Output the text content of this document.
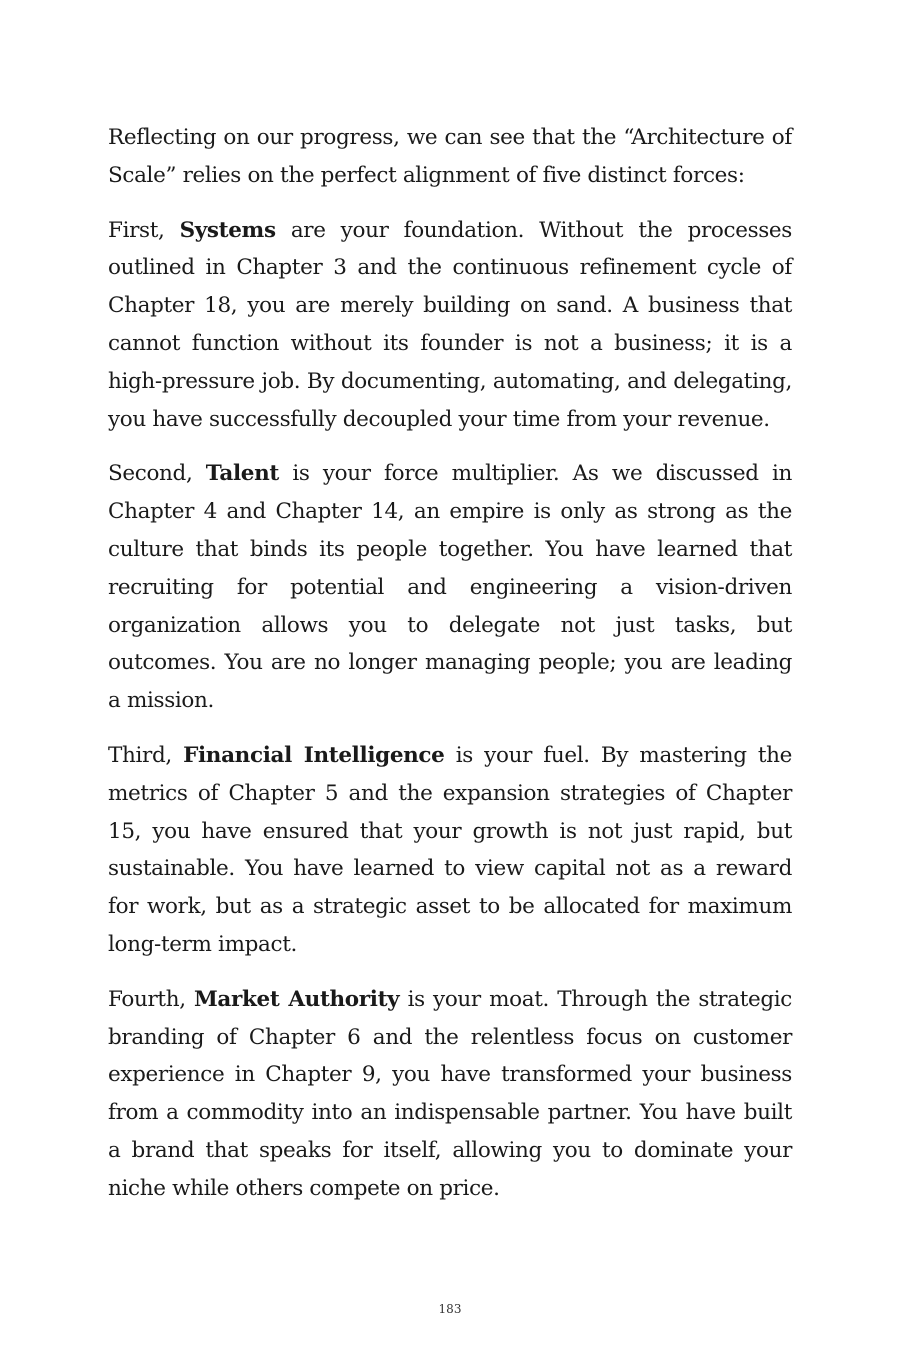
Reflecting on our progress, we can see that the “Architecture of Scale” relies on the perfect alignment of five distinct forces:

First, Systems are your foundation. Without the processes outlined in Chapter 3 and the continuous refinement cycle of Chapter 18, you are merely building on sand. A business that cannot function without its founder is not a business; it is a high-pressure job. By documenting, automating, and delegating, you have successfully decoupled your time from your revenue.

Second, Talent is your force multiplier. As we discussed in Chapter 4 and Chapter 14, an empire is only as strong as the culture that binds its people together. You have learned that recruiting for potential and engineering a vision-driven organization allows you to delegate not just tasks, but outcomes. You are no longer managing people; you are leading a mission.

Third, Financial Intelligence is your fuel. By mastering the metrics of Chapter 5 and the expansion strategies of Chapter 15, you have ensured that your growth is not just rapid, but sustainable. You have learned to view capital not as a reward for work, but as a strategic asset to be allocated for maximum long-term impact.

Fourth, Market Authority is your moat. Through the strategic branding of Chapter 6 and the relentless focus on customer experience in Chapter 9, you have transformed your business from a commodity into an indispensable partner. You have built a brand that speaks for itself, allowing you to dominate your niche while others compete on price.

183
